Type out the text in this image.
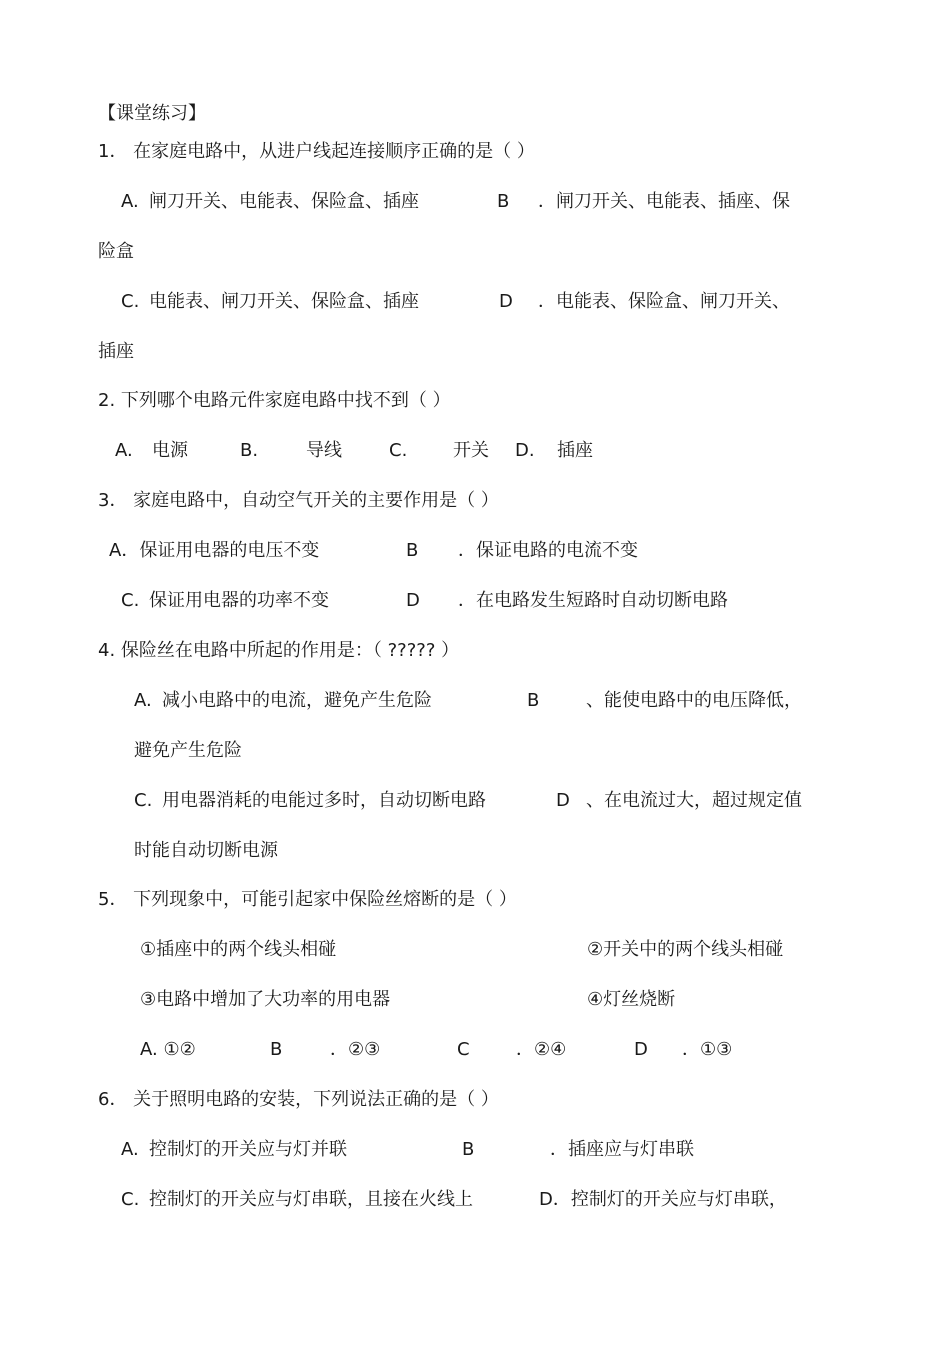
【课堂练习】
1． 在家庭电路中，从进户线起连接顺序正确的是（ ）
A. 闸刀开关、电能表、保险盒、插座	B ．闸刀开关、电能表、插座、保
险盒
C. 电能表、闸刀开关、保险盒、插座	D ．电能表、保险盒、闸刀开关、
插座
2. 下列哪个电路元件家庭电路中找不到（ ）
A. 电源	B.	导线	C.	开关 D. 插座
3． 家庭电路中，自动空气开关的主要作用是（ ）
A．保证用电器的电压不变	B ．保证电路的电流不变
C. 保证用电器的功率不变	D ．在电路发生短路时自动切断电路
4. 保险丝在电路中所起的作用是：（ ????? ）
A. 减小电路中的电流，避免产生危险	B	、能使电路中的电压降低，
避免产生危险
C. 用电器消耗的电能过多时，自动切断电路	D 、在电流过大，超过规定值
时能自动切断电源
5． 下列现象中，可能引起家中保险丝熔断的是（ ）
①插座中的两个线头相碰	②开关中的两个线头相碰
③电路中增加了大功率的用电器	④灯丝烧断
A. ①②	B	．②③	C	．②④	D ．①③
6． 关于照明电路的安装，下列说法正确的是（ ）
A. 控制灯的开关应与灯并联	B	．插座应与灯串联
C. 控制灯的开关应与灯串联，且接在火线上	D．控制灯的开关应与灯串联，
